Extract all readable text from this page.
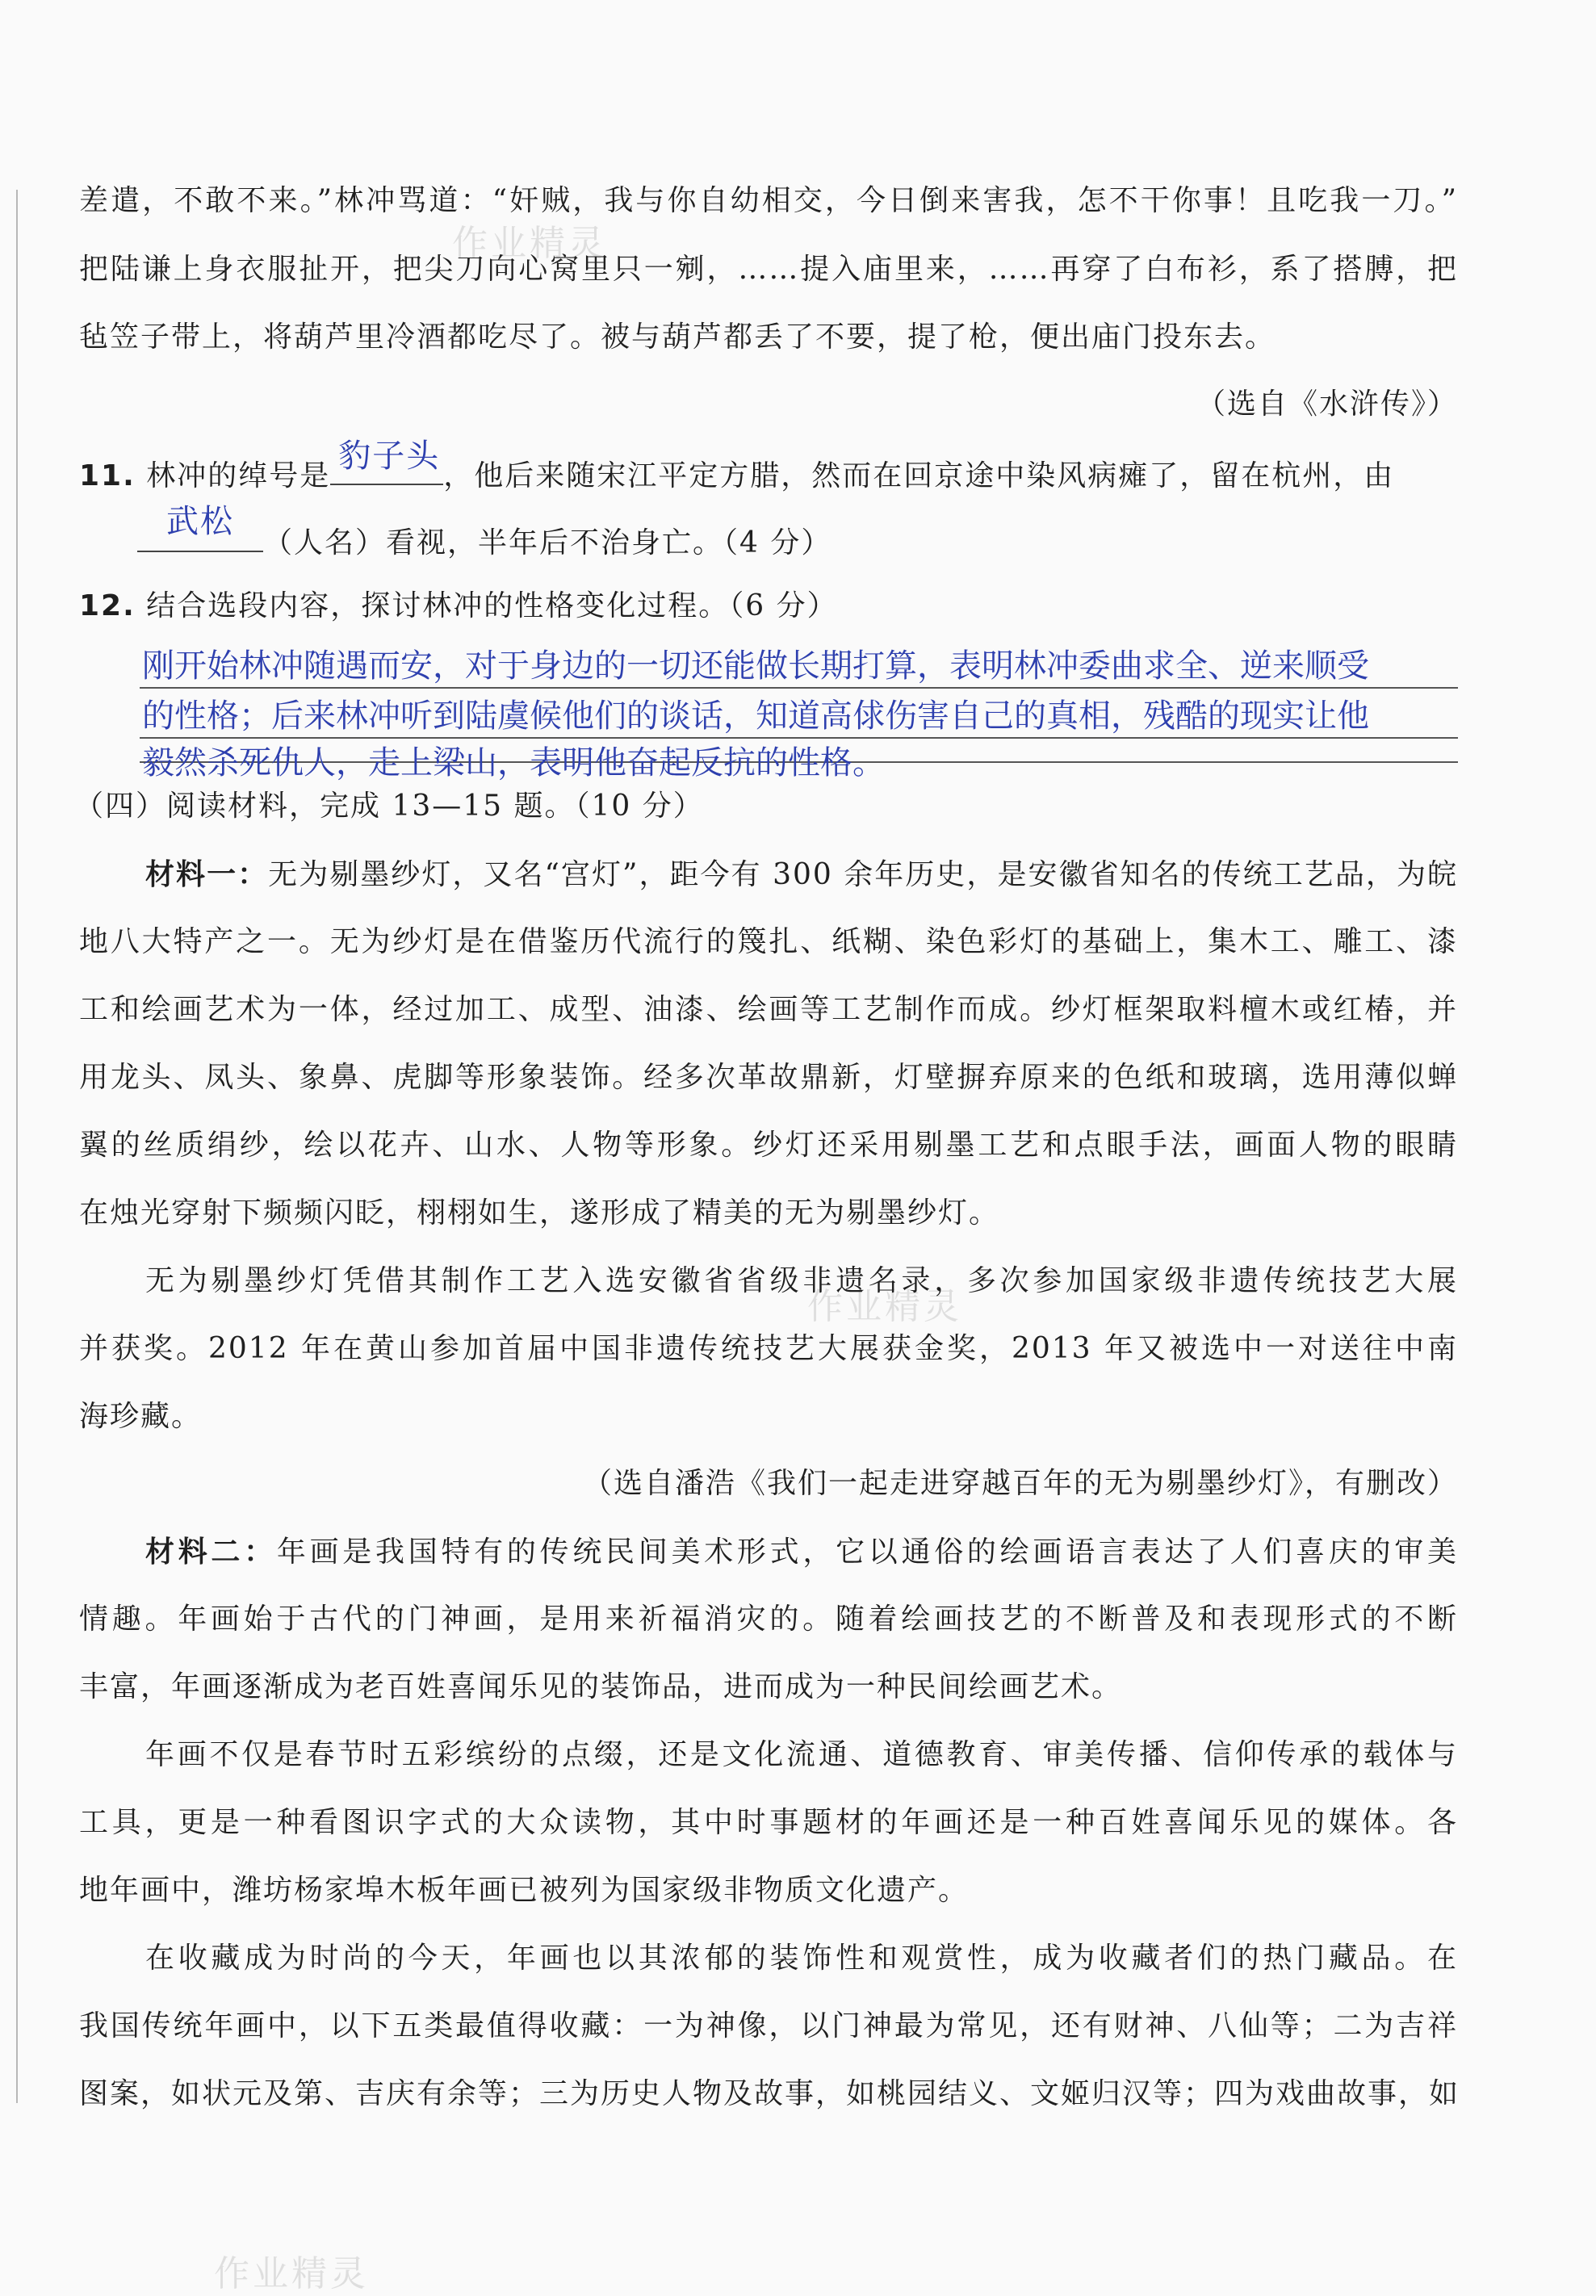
作业精灵
作业精灵
作业精灵
差遣，不敢不来。”林冲骂道：“奸贼，我与你自幼相交，今日倒来害我，怎不干你事！且吃我一刀。”
把陆谦上身衣服扯开，把尖刀向心窝里只一剜，……提入庙里来，……再穿了白布衫，系了搭膊，把
毡笠子带上，将葫芦里冷酒都吃尽了。被与葫芦都丢了不要，提了枪，便出庙门投东去。
（选自《水浒传》）
11. 林冲的绰号是
豹子头
，他后来随宋江平定方腊，然而在回京途中染风病瘫了，留在杭州，由
武松
（人名）看视，半年后不治身亡。（4 分）
12. 结合选段内容，探讨林冲的性格变化过程。（6 分）
刚开始林冲随遇而安，对于身边的一切还能做长期打算，表明林冲委曲求全、逆来顺受
的性格；后来林冲听到陆虞候他们的谈话，知道高俅伤害自己的真相，残酷的现实让他
毅然杀死仇人，走上梁山，表明他奋起反抗的性格。
（四）阅读材料，完成 13—15 题。（10 分）
材料一：无为剔墨纱灯，又名“宫灯”，距今有 300 余年历史，是安徽省知名的传统工艺品，为皖
地八大特产之一。无为纱灯是在借鉴历代流行的篾扎、纸糊、染色彩灯的基础上，集木工、雕工、漆
工和绘画艺术为一体，经过加工、成型、油漆、绘画等工艺制作而成。纱灯框架取料檀木或红椿，并
用龙头、凤头、象鼻、虎脚等形象装饰。经多次革故鼎新，灯壁摒弃原来的色纸和玻璃，选用薄似蝉
翼的丝质绢纱，绘以花卉、山水、人物等形象。纱灯还采用剔墨工艺和点眼手法，画面人物的眼睛
在烛光穿射下频频闪眨，栩栩如生，遂形成了精美的无为剔墨纱灯。
无为剔墨纱灯凭借其制作工艺入选安徽省省级非遗名录，多次参加国家级非遗传统技艺大展
并获奖。2012 年在黄山参加首届中国非遗传统技艺大展获金奖，2013 年又被选中一对送往中南
海珍藏。
（选自潘浩《我们一起走进穿越百年的无为剔墨纱灯》，有删改）
材料二：年画是我国特有的传统民间美术形式，它以通俗的绘画语言表达了人们喜庆的审美
情趣。年画始于古代的门神画，是用来祈福消灾的。随着绘画技艺的不断普及和表现形式的不断
丰富，年画逐渐成为老百姓喜闻乐见的装饰品，进而成为一种民间绘画艺术。
年画不仅是春节时五彩缤纷的点缀，还是文化流通、道德教育、审美传播、信仰传承的载体与
工具，更是一种看图识字式的大众读物，其中时事题材的年画还是一种百姓喜闻乐见的媒体。各
地年画中，潍坊杨家埠木板年画已被列为国家级非物质文化遗产。
在收藏成为时尚的今天，年画也以其浓郁的装饰性和观赏性，成为收藏者们的热门藏品。在
我国传统年画中，以下五类最值得收藏：一为神像，以门神最为常见，还有财神、八仙等；二为吉祥
图案，如状元及第、吉庆有余等；三为历史人物及故事，如桃园结义、文姬归汉等；四为戏曲故事，如
